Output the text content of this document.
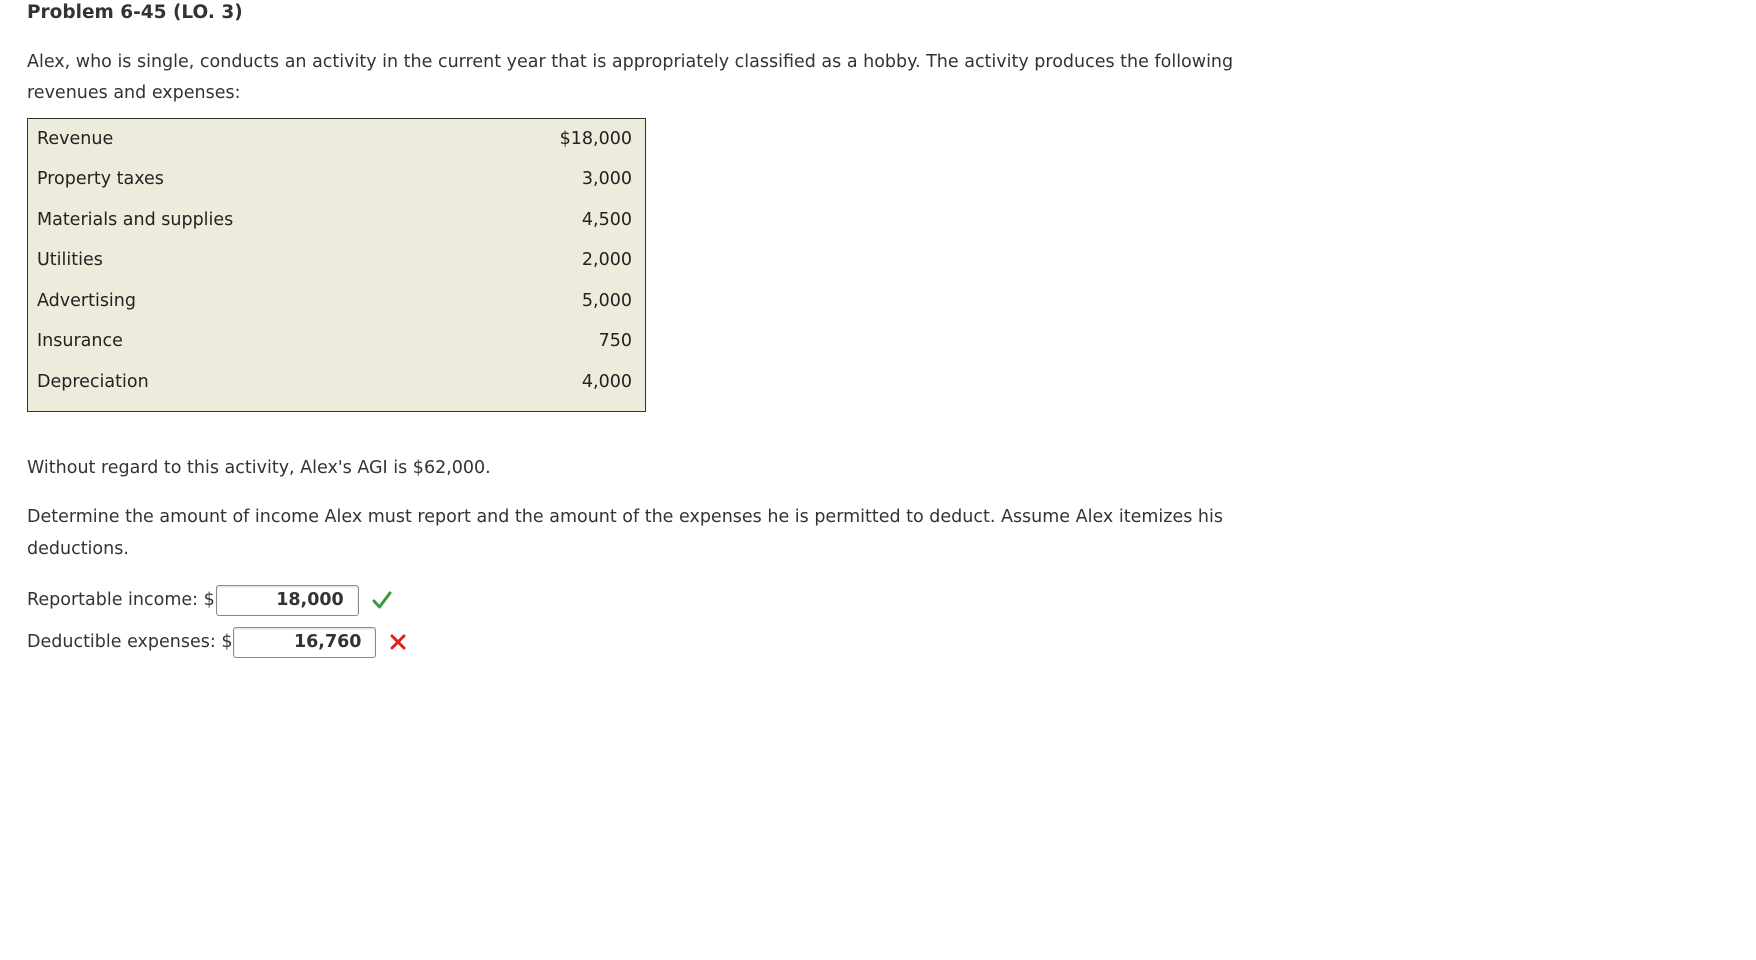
Problem 6-45 (LO. 3)
Alex, who is single, conducts an activity in the current year that is appropriately classified as a hobby. The activity produces the following revenues and expenses:
Revenue	$18,000
Property taxes	3,000
Materials and supplies	4,500
Utilities	2,000
Advertising	5,000
Insurance	750
Depreciation	4,000
Without regard to this activity, Alex's AGI is $62,000.
Determine the amount of income Alex must report and the amount of the expenses he is permitted to deduct. Assume Alex itemizes his deductions.
Reportable income: $
18,000
Deductible expenses: $
16,760
